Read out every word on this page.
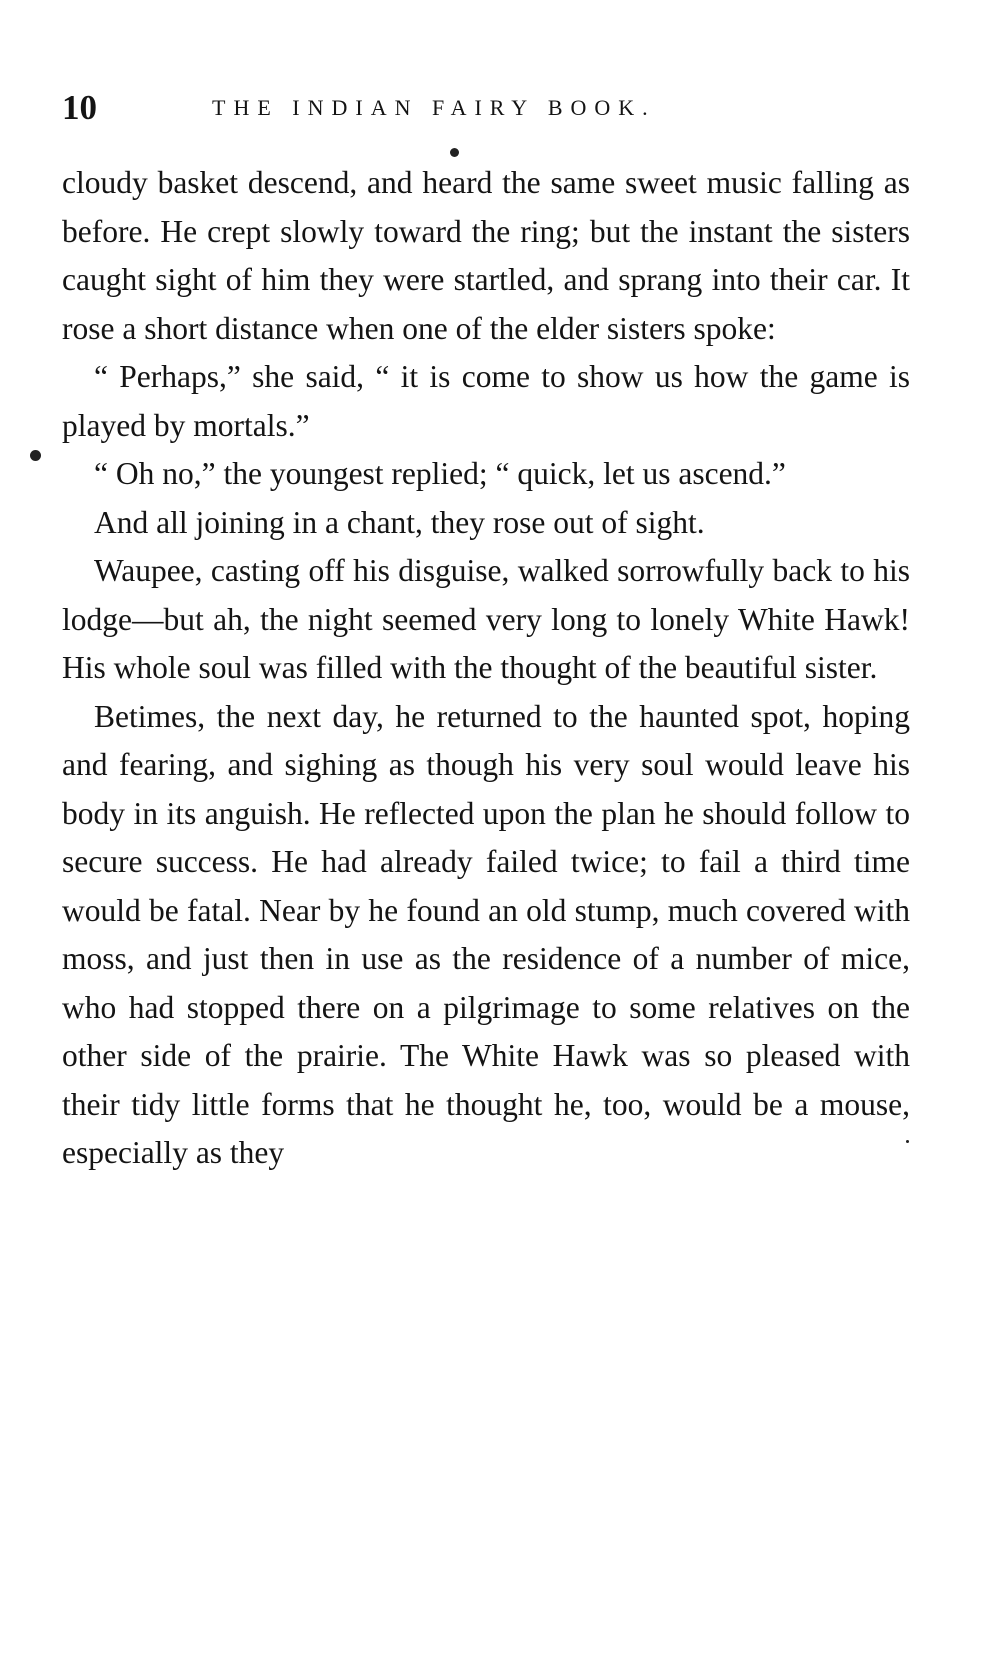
10	THE INDIAN FAIRY BOOK.

cloudy basket descend, and heard the same sweet music falling as before. He crept slowly toward the ring; but the instant the sisters caught sight of him they were startled, and sprang into their car. It rose a short distance when one of the elder sisters spoke:

“ Perhaps,” she said, “ it is come to show us how the game is played by mortals.”

“ Oh no,” the youngest replied; “ quick, let us ascend.”

And all joining in a chant, they rose out of sight.

Waupee, casting off his disguise, walked sorrowfully back to his lodge—but ah, the night seemed very long to lonely White Hawk! His whole soul was filled with the thought of the beautiful sister.

Betimes, the next day, he returned to the haunted spot, hoping and fearing, and sighing as though his very soul would leave his body in its anguish. He reflected upon the plan he should follow to secure success. He had already failed twice; to fail a third time would be fatal. Near by he found an old stump, much covered with moss, and just then in use as the residence of a number of mice, who had stopped there on a pilgrimage to some relatives on the other side of the prairie. The White Hawk was so pleased with their tidy little forms that he thought he, too, would be a mouse, especially as they
